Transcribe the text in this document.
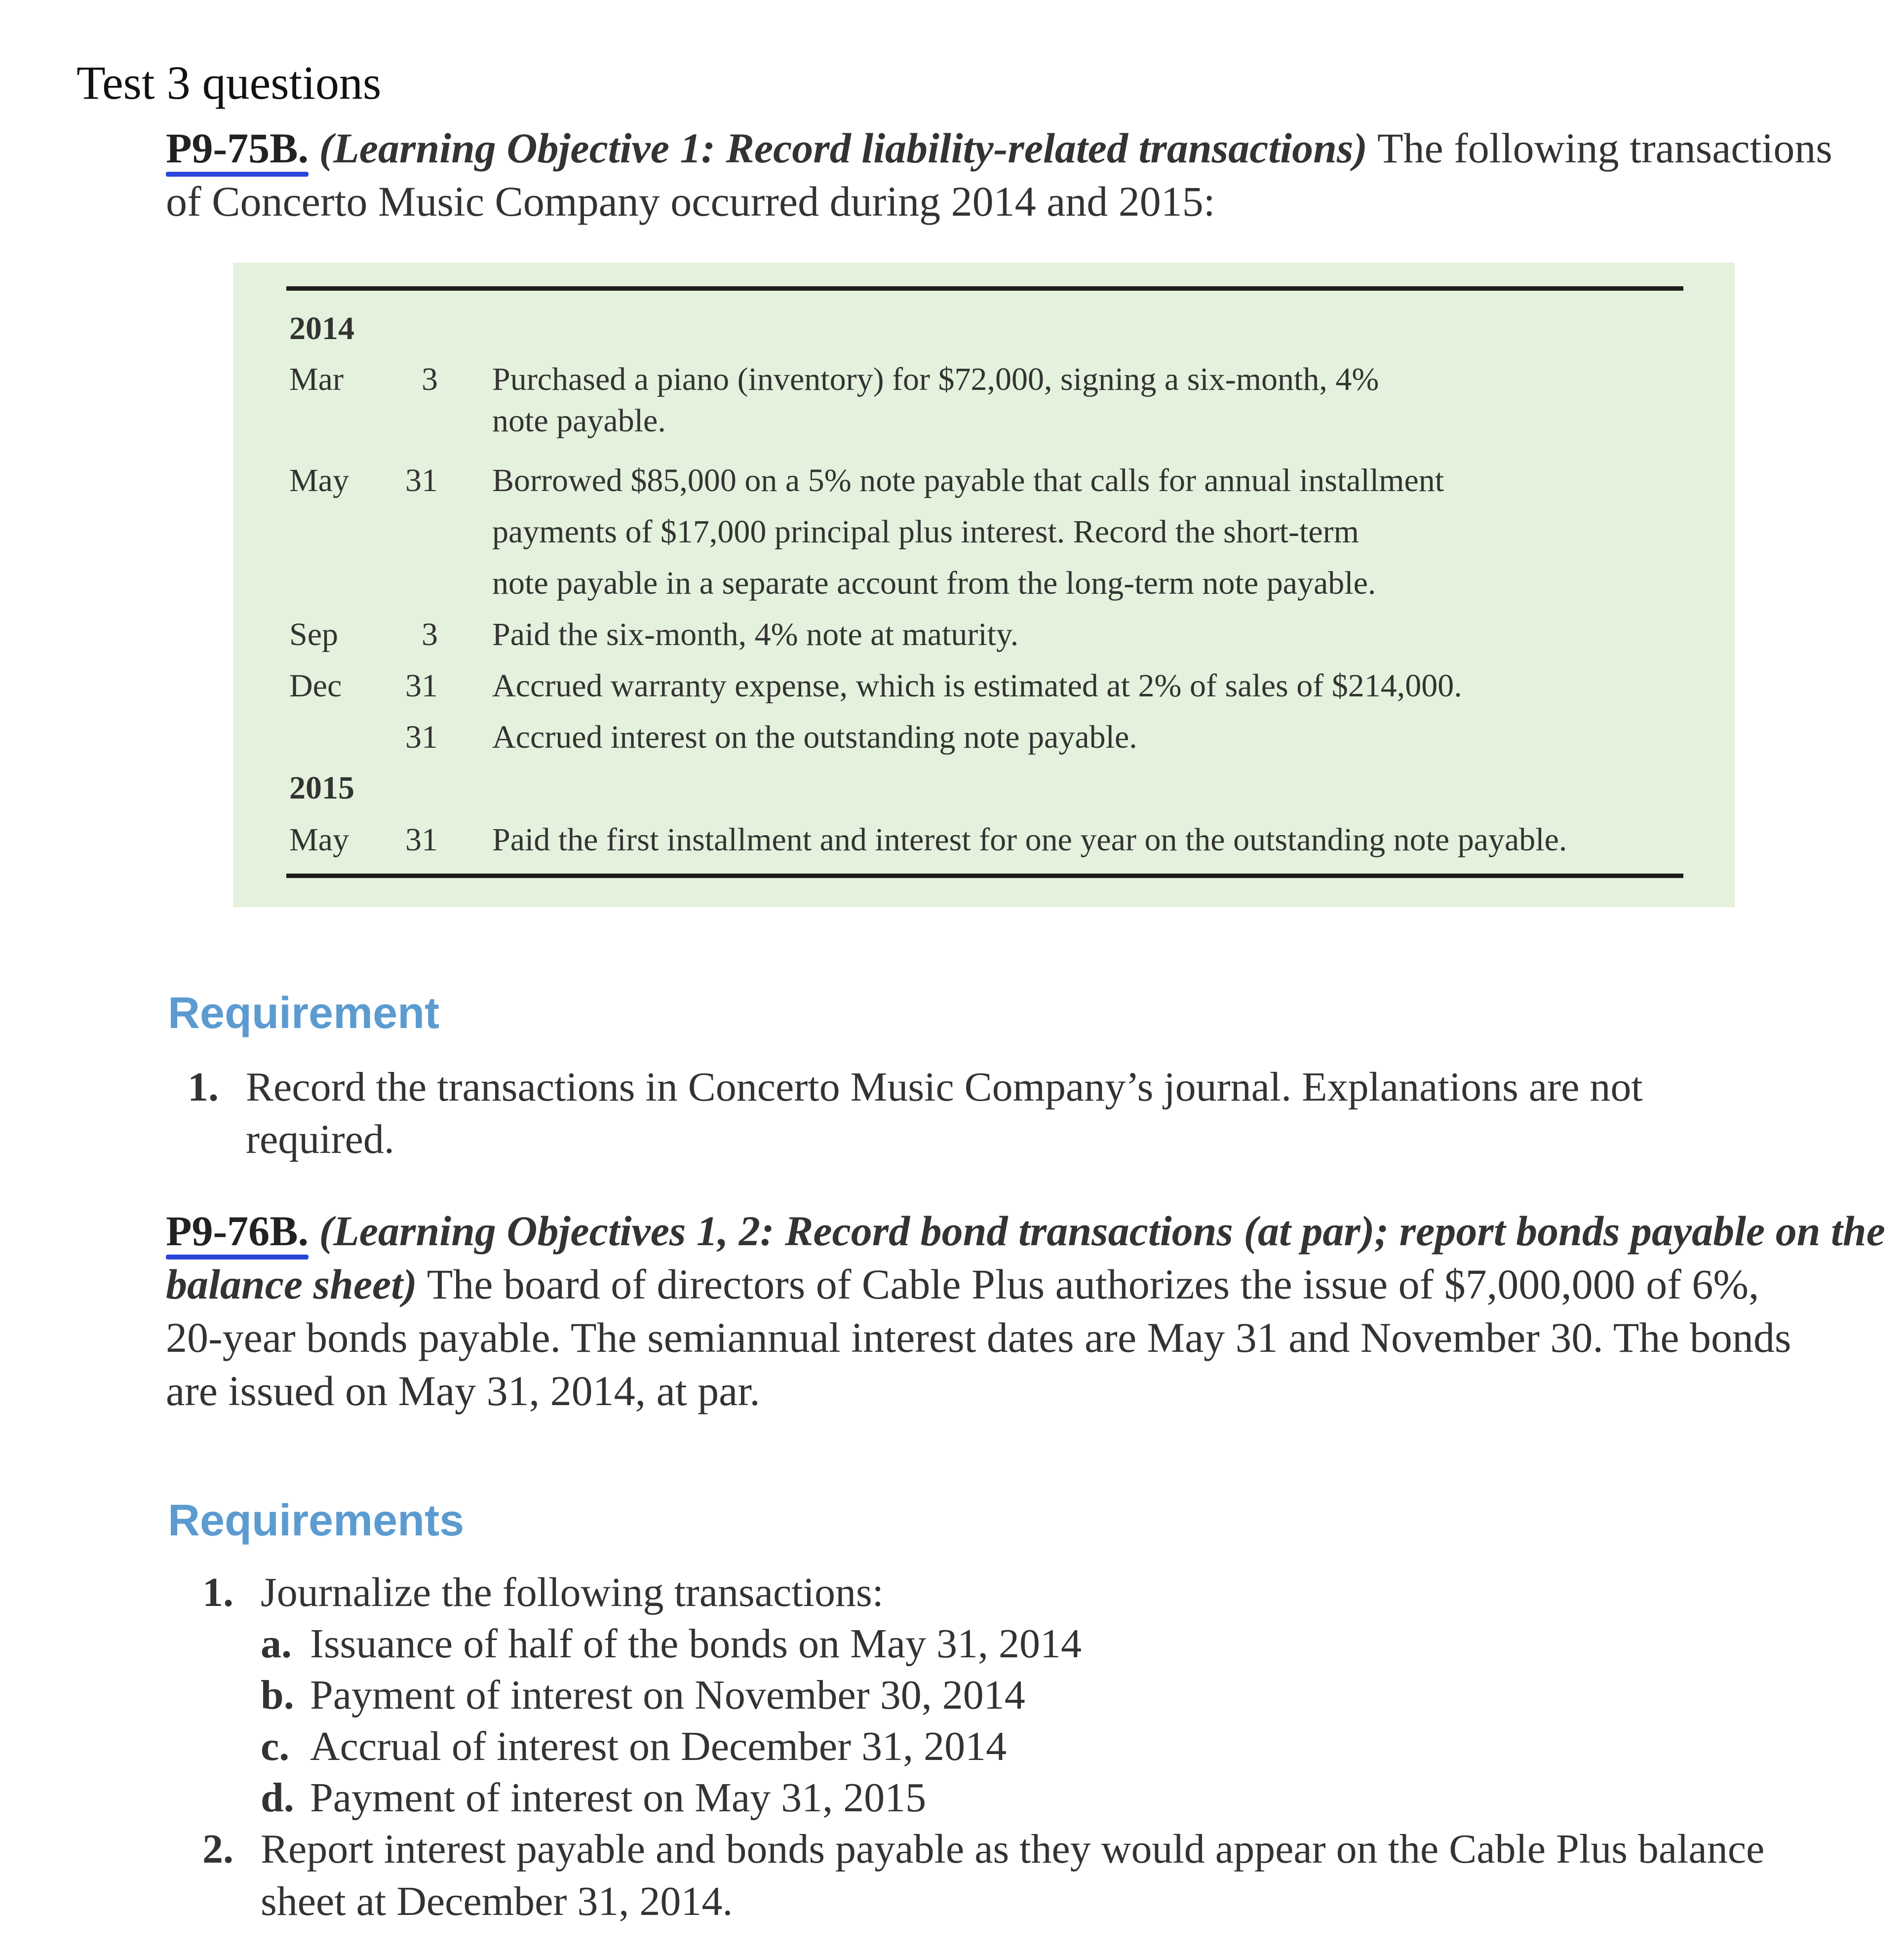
Test 3 questions
P9-75B. (Learning Objective 1: Record liability-related transactions) The following transactions
of Concerto Music Company occurred during 2014 and 2015:
2014
Mar	3 Purchased a piano (inventory) for $72,000, signing a six-month, 4%
note payable.
May	31 Borrowed $85,000 on a 5% note payable that calls for annual installment
payments of $17,000 principal plus interest. Record the short-term
note payable in a separate account from the long-term note payable.
Sep	3 Paid the six-month, 4% note at maturity.
Dec	31 Accrued warranty expense, which is estimated at 2% of sales of $214,000.
31 Accrued interest on the outstanding note payable.
2015
May	31 Paid the first installment and interest for one year on the outstanding note payable.
Requirement
1. Record the transactions in Concerto Music Company’s journal. Explanations are not
required.
P9-76B. (Learning Objectives 1, 2: Record bond transactions (at par); report bonds payable on the
balance sheet) The board of directors of Cable Plus authorizes the issue of $7,000,000 of 6%,
20-year bonds payable. The semiannual interest dates are May 31 and November 30. The bonds
are issued on May 31, 2014, at par.
Requirements
1. Journalize the following transactions:
a. Issuance of half of the bonds on May 31, 2014
b. Payment of interest on November 30, 2014
c. Accrual of interest on December 31, 2014
d. Payment of interest on May 31, 2015
2. Report interest payable and bonds payable as they would appear on the Cable Plus balance
sheet at December 31, 2014.
